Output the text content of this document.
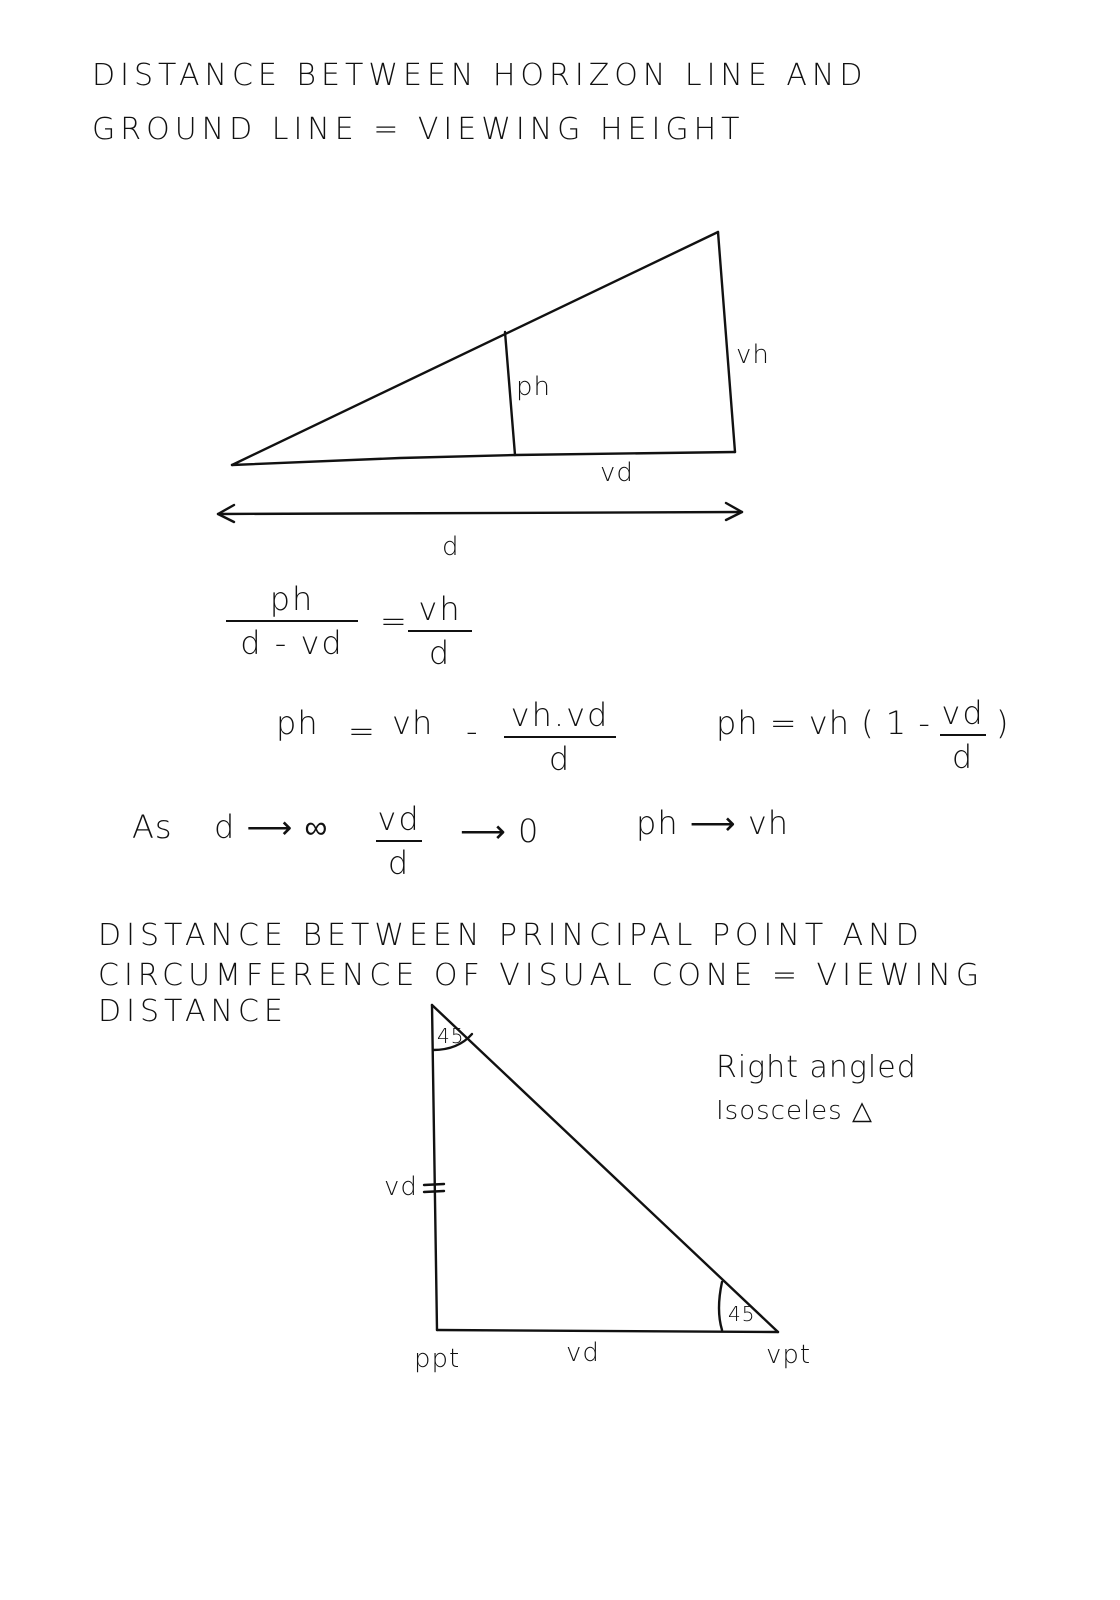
DISTANCE BETWEEN HORIZON LINE AND
GROUND LINE = VIEWING HEIGHT
vh
ph
vd
d
ph
d - vd
= vh
d
ph = vh - vh.vd
d
ph = vh ( 1 - vd
d
)
As d ⟶ ∞ vd
d
⟶ 0	ph ⟶ vh
DISTANCE BETWEEN PRINCIPAL POINT AND
CIRCUMFERENCE OF VISUAL CONE = VIEWING
DISTANCE
45
45
vd
vd
ppt	vpt
Right angled
Isosceles △
